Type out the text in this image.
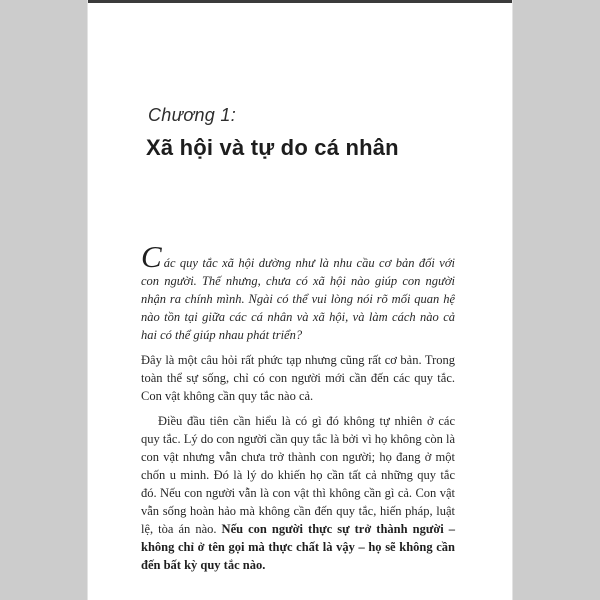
Chương 1:
Xã hội và tự do cá nhân

Các quy tắc xã hội dường như là nhu cầu cơ bản đối với con người. Thế nhưng, chưa có xã hội nào giúp con người nhận ra chính mình. Ngài có thể vui lòng nói rõ mối quan hệ nào tồn tại giữa các cá nhân và xã hội, và làm cách nào cả hai có thể giúp nhau phát triển?

Đây là một câu hỏi rất phức tạp nhưng cũng rất cơ bản. Trong toàn thể sự sống, chỉ có con người mới cần đến các quy tắc. Con vật không cần quy tắc nào cả.

Điều đầu tiên cần hiểu là có gì đó không tự nhiên ở các quy tắc. Lý do con người cần quy tắc là bởi vì họ không còn là con vật nhưng vẫn chưa trở thành con người; họ đang ở một chốn u minh. Đó là lý do khiến họ cần tất cả những quy tắc đó. Nếu con người vẫn là con vật thì không cần gì cả. Con vật vẫn sống hoàn hảo mà không cần đến quy tắc, hiến pháp, luật lệ, tòa án nào. Nếu con người thực sự trở thành người – không chỉ ở tên gọi mà thực chất là vậy – họ sẽ không cần đến bất kỳ quy tắc nào.
